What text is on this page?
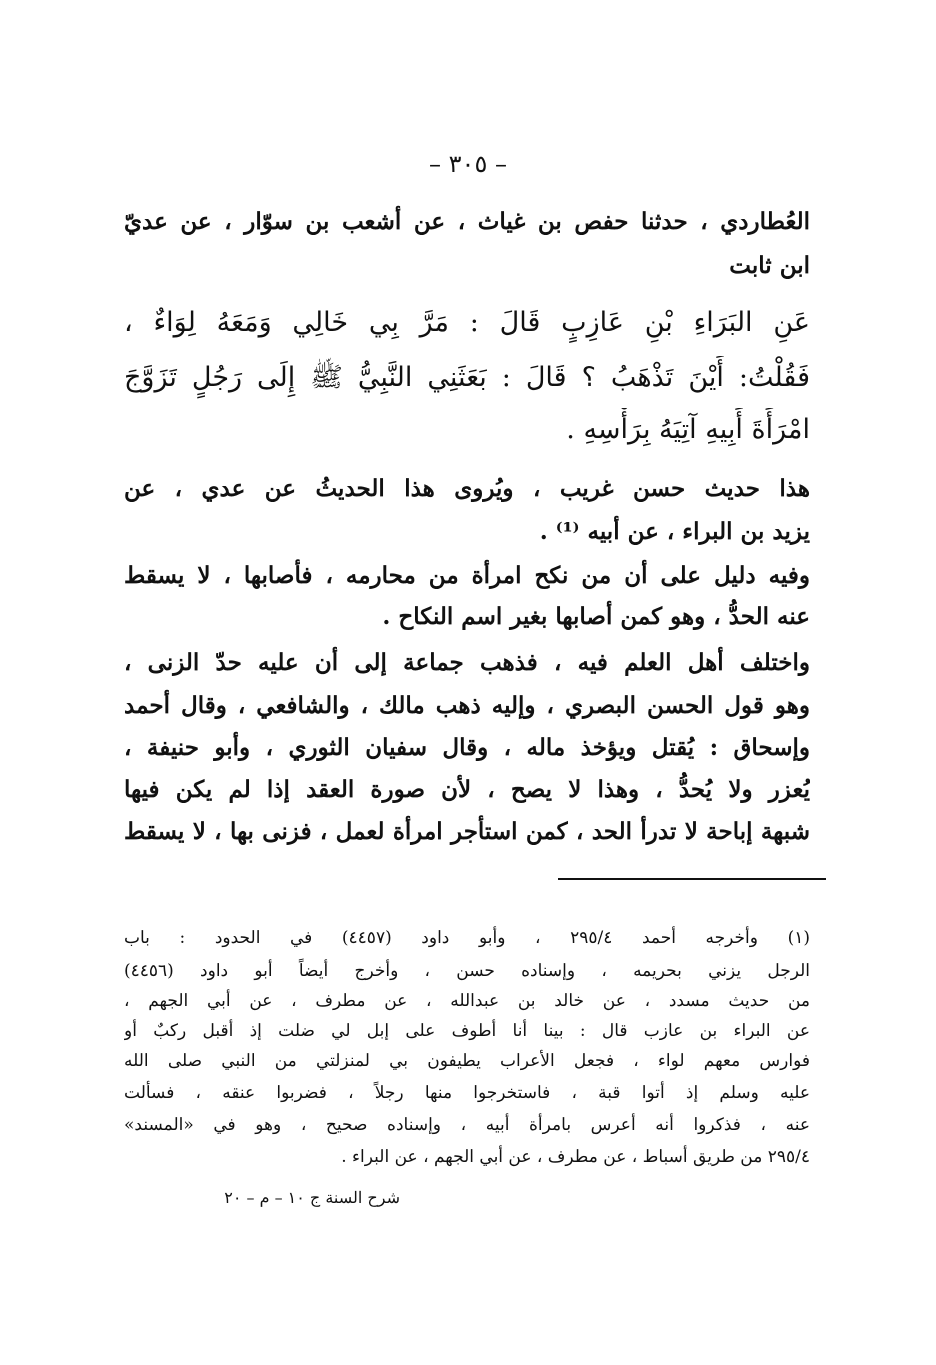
– ٣٠٥ –
العُطاردي ، حدثنا حفص بن غياث ، عن أشعب بن سوّار ، عن عديّ
ابن ثابت
عَنِ البَرَاءِ بْنِ عَازِبٍ قَالَ : مَرَّ بِي خَالِي وَمَعَهُ لِوَاءٌ ،
فَقُلْتُ: أَيْنَ تَذْهَبُ ؟ قَالَ : بَعَثَنِي النَّبِيُّ ﷺ إِلَى رَجُلٍ تَزَوَّجَ
امْرَأَةَ أَبِيهِ آتِيَهُ بِرَأْسِهِ .
هذا حديث حسن غريب ، ويُروى هذا الحديثُ عن عدي ، عن
يزيد بن البراء ، عن أبيه ⁽¹⁾ .
وفيه دليل على أن من نكح امرأة من محارمه ، فأصابها ، لا يسقط
عنه الحدُّ ، وهو كمن أصابها بغير اسم النكاح .
واختلف أهل العلم فيه ، فذهب جماعة إلى أن عليه حدّ الزنى ،
وهو قول الحسن البصري ، وإليه ذهب مالك ، والشافعي ، وقال أحمد
وإسحاق : يُقتل ويؤخذ ماله ، وقال سفيان الثوري ، وأبو حنيفة ،
يُعزر ولا يُحدُّ ، وهذا لا يصح ، لأن صورة العقد إذا لم يكن فيها
شبهة إباحة لا تدرأ الحد ، كمن استأجر امرأة لعمل ، فزنى بها ، لا يسقط
(١) وأخرجه أحمد ٢٩٥/٤ ، وأبو داود (٤٤٥٧) في الحدود : باب
الرجل يزني بحريمه ، وإسناده حسن ، وأخرج أيضاً أبو داود (٤٤٥٦)
من حديث مسدد ، عن خالد بن عبدالله ، عن مطرف ، عن أبي الجهم ،
عن البراء بن عازب قال : بينا أنا أطوف على إبل لي ضلت إذ أقبل ركبٌ أو
فوارس معهم لواء ، فجعل الأعراب يطيفون بي لمنزلتي من النبي صلى الله
عليه وسلم إذ أتوا قبة ، فاستخرجوا منها رجلاً ، فضربوا عنقه ، فسألت
عنه ، فذكروا أنه أعرس بامرأة أبيه ، وإسناده صحيح ، وهو في «المسند»
٢٩٥/٤ من طريق أسباط ، عن مطرف ، عن أبي الجهم ، عن البراء .
شرح السنة ج ١٠ – م – ٢٠
